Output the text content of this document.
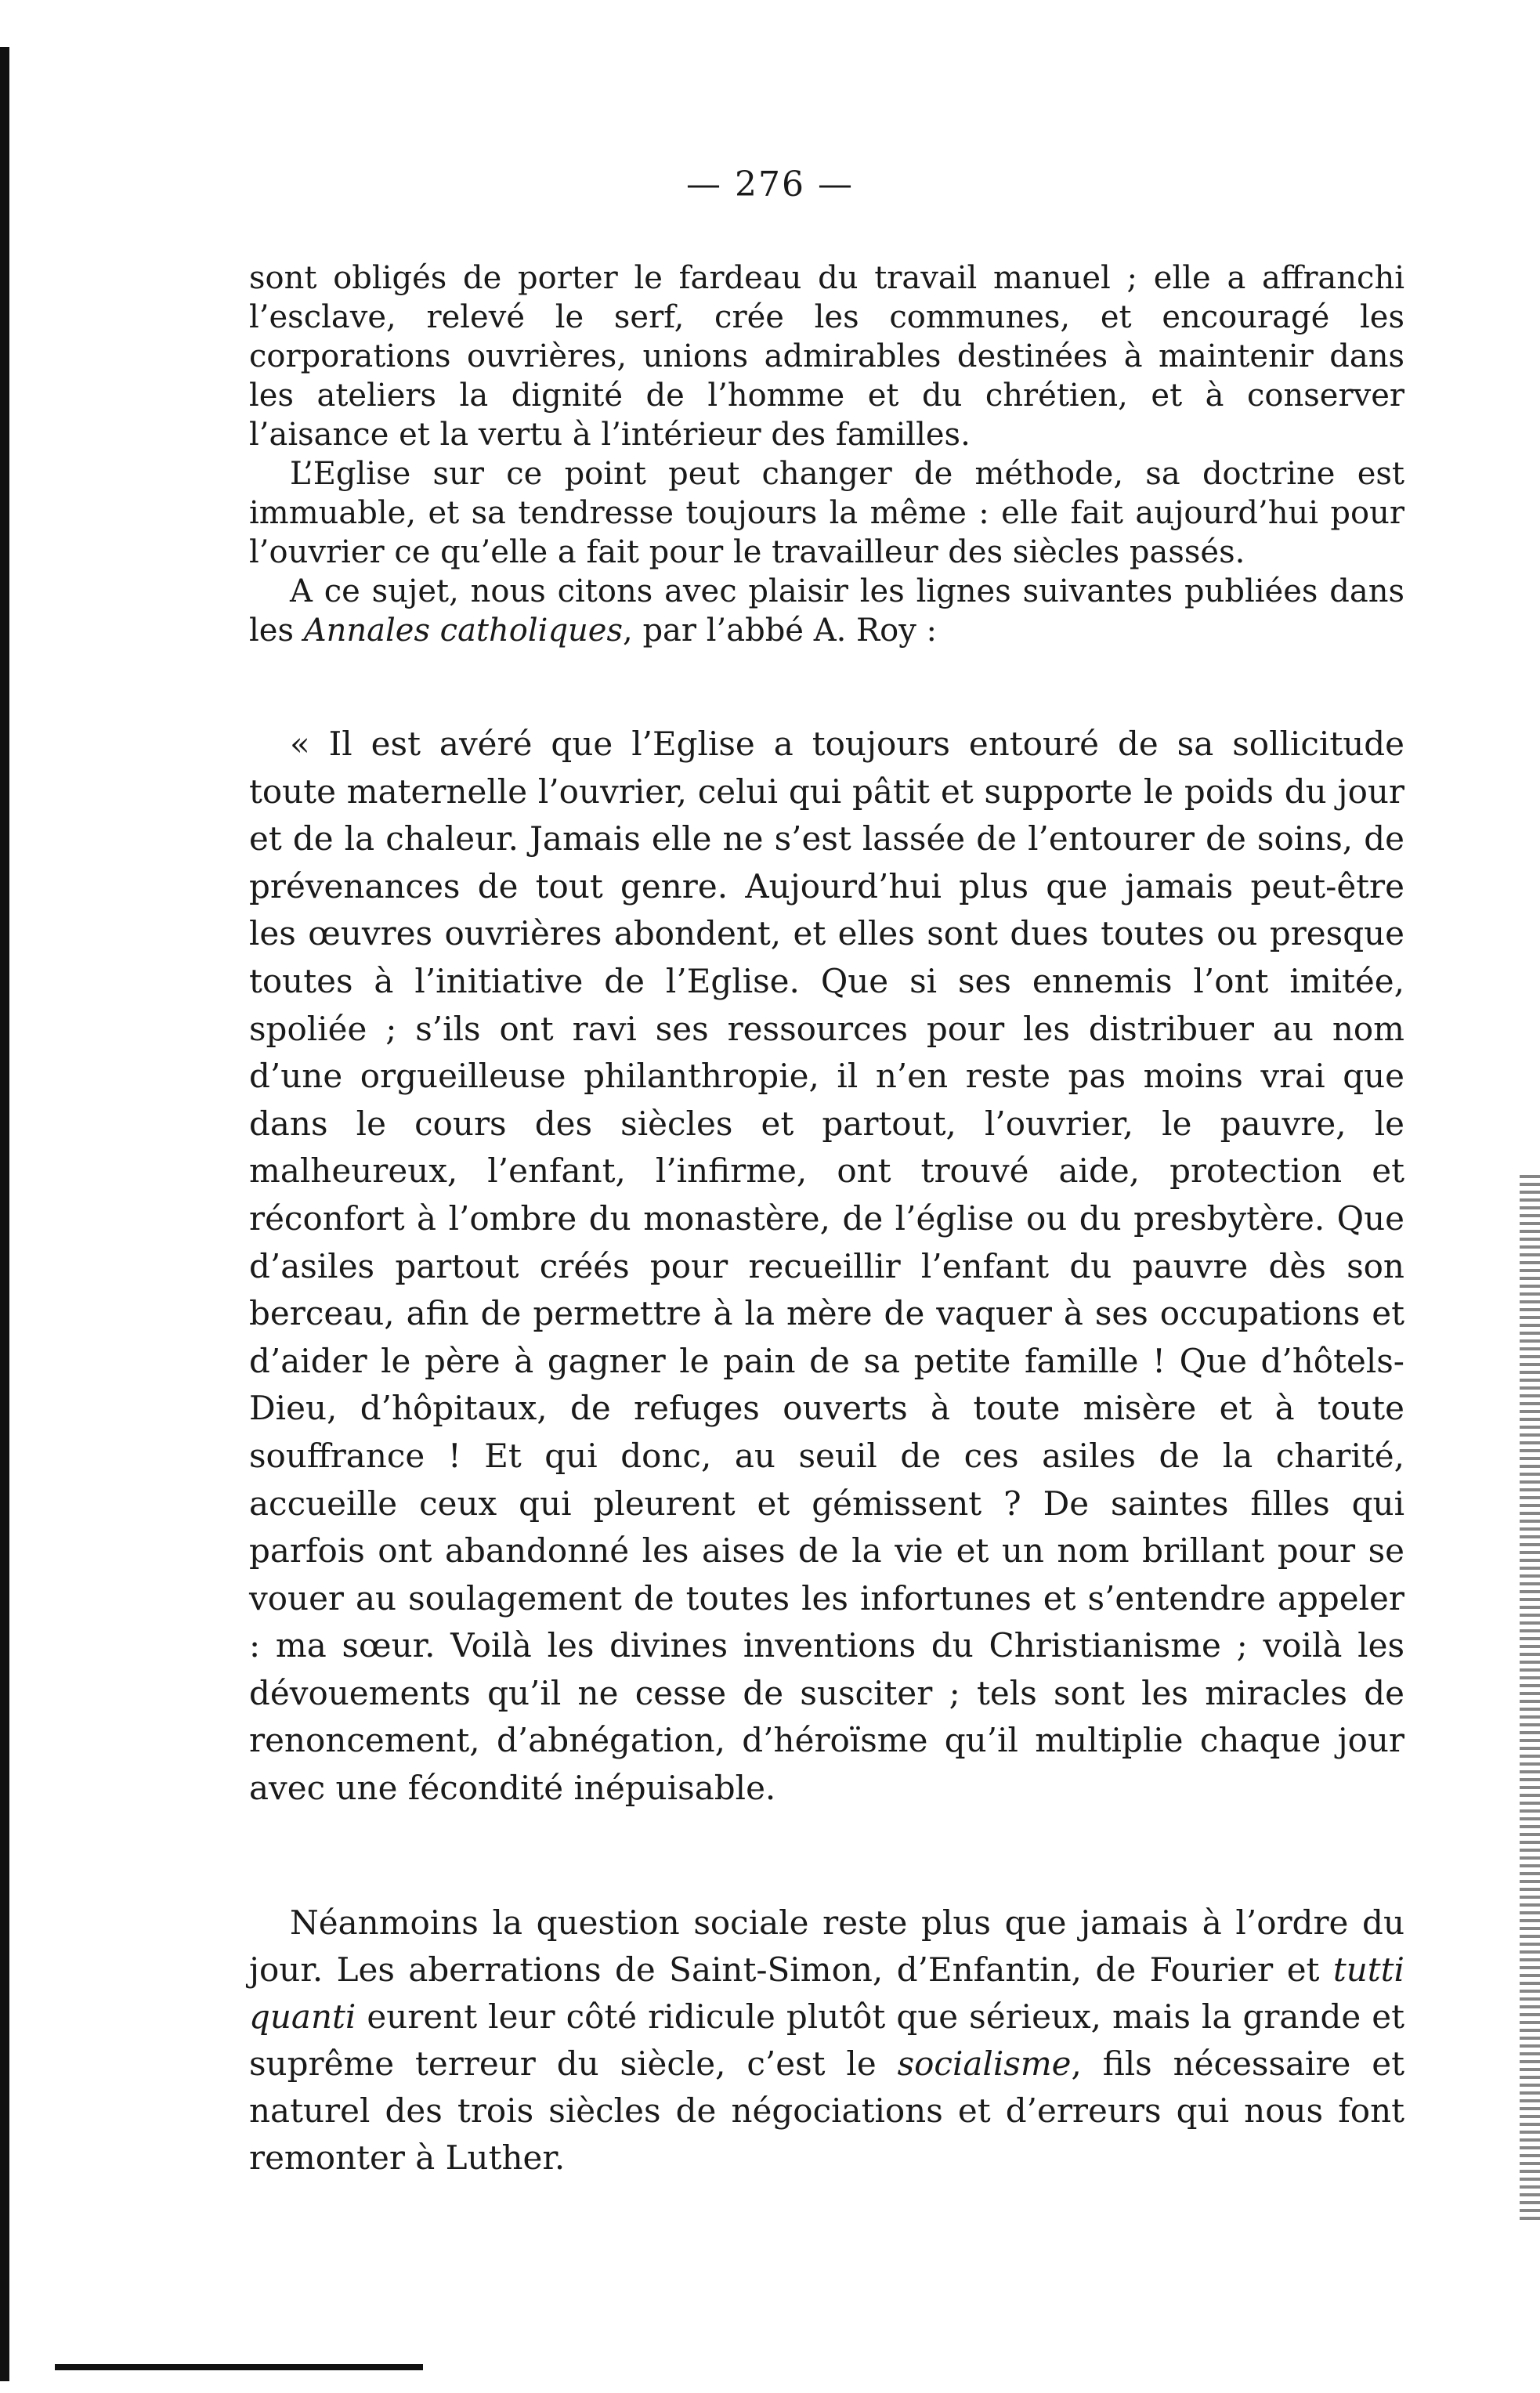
— 276 —

sont obligés de porter le fardeau du travail manuel ; elle a affranchi l’esclave, relevé le serf, crée les communes, et encouragé les corporations ouvrières, unions admirables destinées à maintenir dans les ateliers la dignité de l’homme et du chrétien, et à conserver l’aisance et la vertu à l’intérieur des familles.

L’Eglise sur ce point peut changer de méthode, sa doctrine est immuable, et sa tendresse toujours la même : elle fait aujourd’hui pour l’ouvrier ce qu’elle a fait pour le travailleur des siècles passés.

A ce sujet, nous citons avec plaisir les lignes suivantes publiées dans les Annales catholiques, par l’abbé A. Roy :

« Il est avéré que l’Eglise a toujours entouré de sa sollicitude toute maternelle l’ouvrier, celui qui pâtit et supporte le poids du jour et de la chaleur. Jamais elle ne s’est lassée de l’entourer de soins, de prévenances de tout genre. Aujourd’hui plus que jamais peut-être les œuvres ouvrières abondent, et elles sont dues toutes ou presque toutes à l’initiative de l’Eglise. Que si ses ennemis l’ont imitée, spoliée ; s’ils ont ravi ses ressources pour les distribuer au nom d’une orgueilleuse philanthropie, il n’en reste pas moins vrai que dans le cours des siècles et partout, l’ouvrier, le pauvre, le malheureux, l’enfant, l’infirme, ont trouvé aide, protection et réconfort à l’ombre du monastère, de l’église ou du presbytère. Que d’asiles partout créés pour recueillir l’enfant du pauvre dès son berceau, afin de permettre à la mère de vaquer à ses occupations et d’aider le père à gagner le pain de sa petite famille ! Que d’hôtels-Dieu, d’hôpitaux, de refuges ouverts à toute misère et à toute souffrance ! Et qui donc, au seuil de ces asiles de la charité, accueille ceux qui pleurent et gémissent ? De saintes filles qui parfois ont abandonné les aises de la vie et un nom brillant pour se vouer au soulagement de toutes les infortunes et s’entendre appeler : ma sœur. Voilà les divines inventions du Christianisme ; voilà les dévouements qu’il ne cesse de susciter ; tels sont les miracles de renoncement, d’abnégation, d’héroïsme qu’il multiplie chaque jour avec une fécondité inépuisable.

Néanmoins la question sociale reste plus que jamais à l’ordre du jour. Les aberrations de Saint-Simon, d’Enfantin, de Fourier et tutti quanti eurent leur côté ridicule plutôt que sérieux, mais la grande et suprême terreur du siècle, c’est le socialisme, fils nécessaire et naturel des trois siècles de négociations et d’erreurs qui nous font remonter à Luther.
